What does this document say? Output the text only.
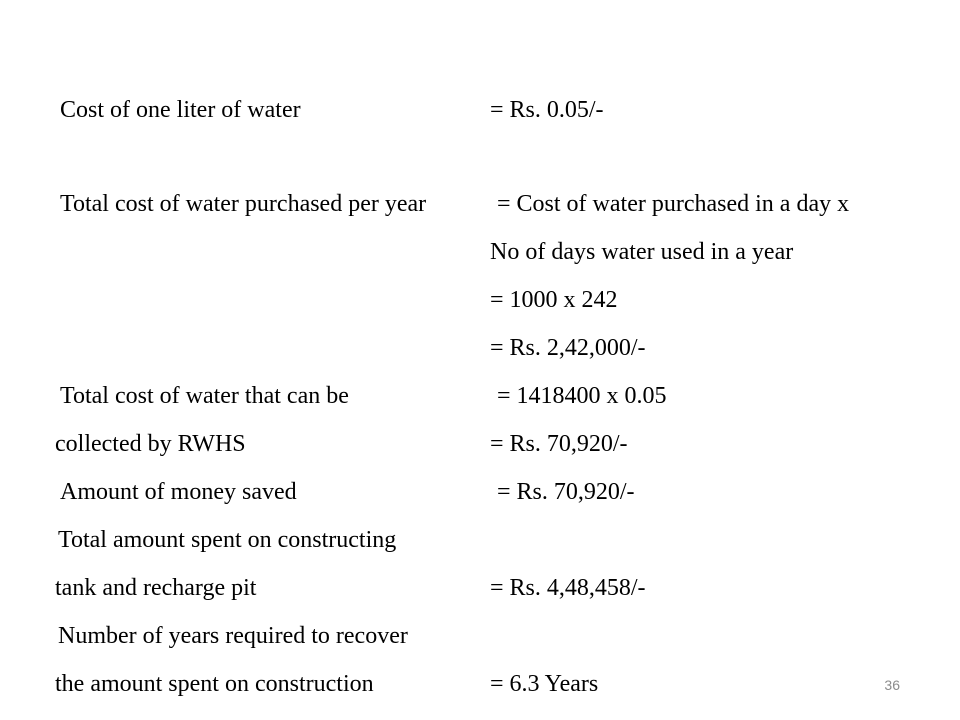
Cost of one liter of water	= Rs. 0.05/-

Total cost of water purchased per year	= Cost of water purchased in a day x

No of days water used in a year

= 1000 x 242

= Rs. 2,42,000/-

Total cost of water that can be	= 1418400 x 0.05

collected by RWHS	= Rs. 70,920/-

Amount of money saved	= Rs. 70,920/-

Total amount spent on constructing

tank and recharge pit	= Rs. 4,48,458/-

Number of years required to recover

the amount spent on construction	= 6.3 Years	36
